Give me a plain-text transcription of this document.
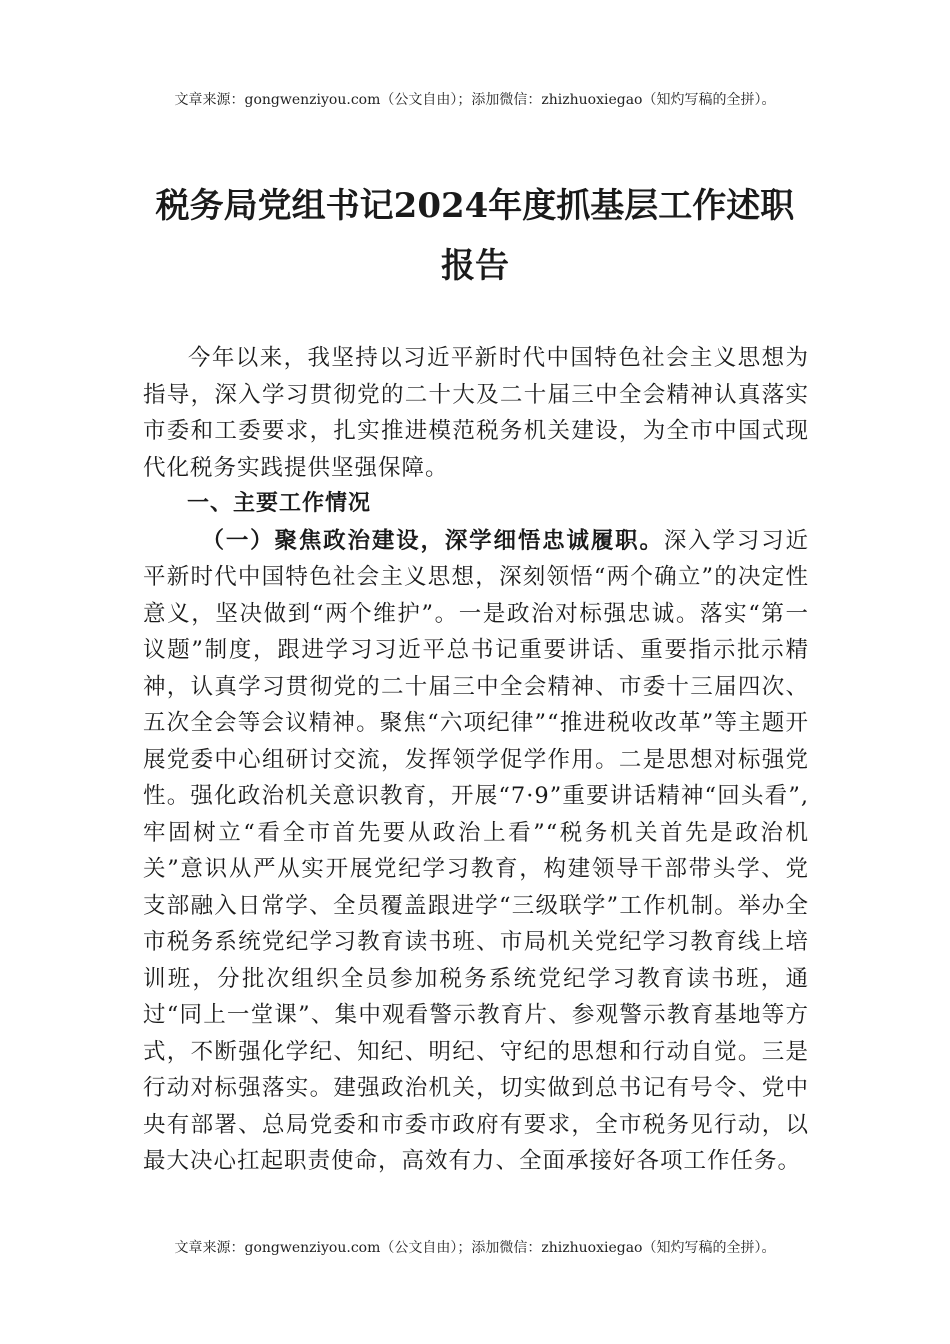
文章来源：gongwenziyou.com（公文自由）；添加微信：zhizhuoxiegao（知灼写稿的全拼）。
税务局党组书记2024年度抓基层工作述职报告

今年以来，我坚持以习近平新时代中国特色社会主义思想为指导，深入学习贯彻党的二十大及二十届三中全会精神认真落实市委和工委要求，扎实推进模范税务机关建设，为全市中国式现代化税务实践提供坚强保障。

一、主要工作情况

（一）聚焦政治建设，深学细悟忠诚履职。深入学习习近平新时代中国特色社会主义思想，深刻领悟“两个确立”的决定性意义，坚决做到“两个维护”。一是政治对标强忠诚。落实“第一议题”制度，跟进学习习近平总书记重要讲话、重要指示批示精神，认真学习贯彻党的二十届三中全会精神、市委十三届四次、五次全会等会议精神。聚焦“六项纪律”“推进税收改革”等主题开展党委中心组研讨交流，发挥领学促学作用。二是思想对标强党性。强化政治机关意识教育，开展“7·9”重要讲话精神“回头看”,牢固树立“看全市首先要从政治上看”“税务机关首先是政治机关”意识从严从实开展党纪学习教育，构建领导干部带头学、党支部融入日常学、全员覆盖跟进学“三级联学”工作机制。举办全市税务系统党纪学习教育读书班、市局机关党纪学习教育线上培训班，分批次组织全员参加税务系统党纪学习教育读书班，通过“同上一堂课”、集中观看警示教育片、参观警示教育基地等方式，不断强化学纪、知纪、明纪、守纪的思想和行动自觉。三是行动对标强落实。建强政治机关，切实做到总书记有号令、党中央有部署、总局党委和市委市政府有要求，全市税务见行动，以最大决心扛起职责使命，高效有力、全面承接好各项工作任务。

文章来源：gongwenziyou.com（公文自由）；添加微信：zhizhuoxiegao（知灼写稿的全拼）。
